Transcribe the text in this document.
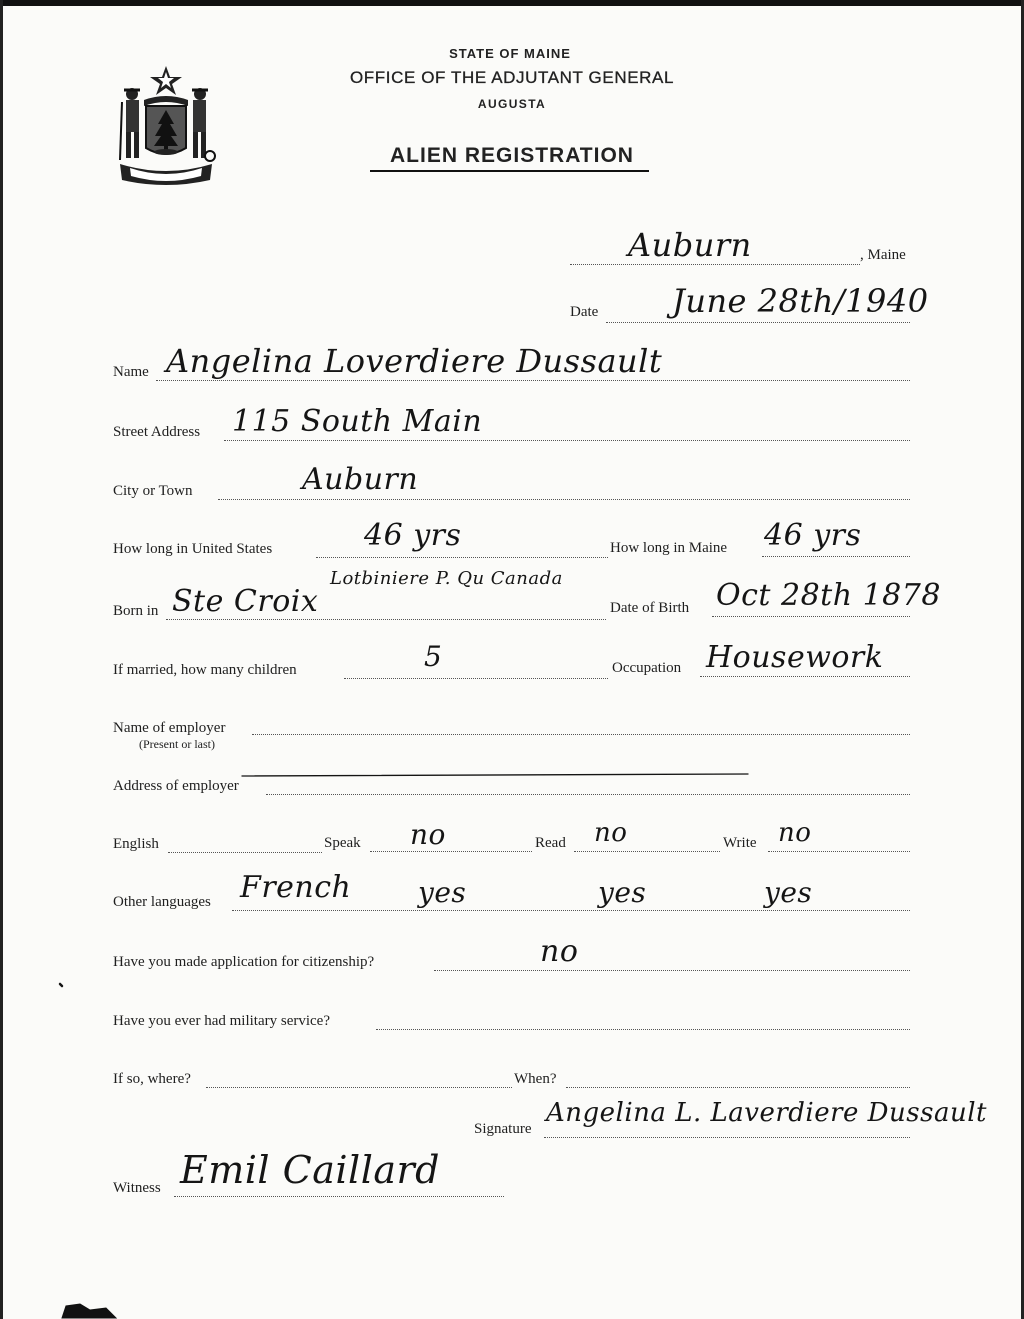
STATE OF MAINE
OFFICE OF THE ADJUTANT GENERAL
AUGUSTA
ALIEN REGISTRATION
Auburn	, Maine
Date June 28th/1940
Name Angelina Loverdiere Dussault
Street Address 115 South Main
City or Town	Auburn
How long in United States	46 yrs	How long in Maine 46 yrs
Born in Ste Croix
Lotbiniere P. Qu Canada
Date of Birth Oct 28th 1878
If married, how many children	5	Occupation Housework
Name of employer
(Present or last)
Address of employer
English	Speak no	Read no	Write no
Other languages French yes	yes	yes
Have you made application for citizenship?	no
Have you ever had military service?
If so, where?	When?
Signature
Angelina L. Laverdiere Dussault
Witness Emil Caillard
